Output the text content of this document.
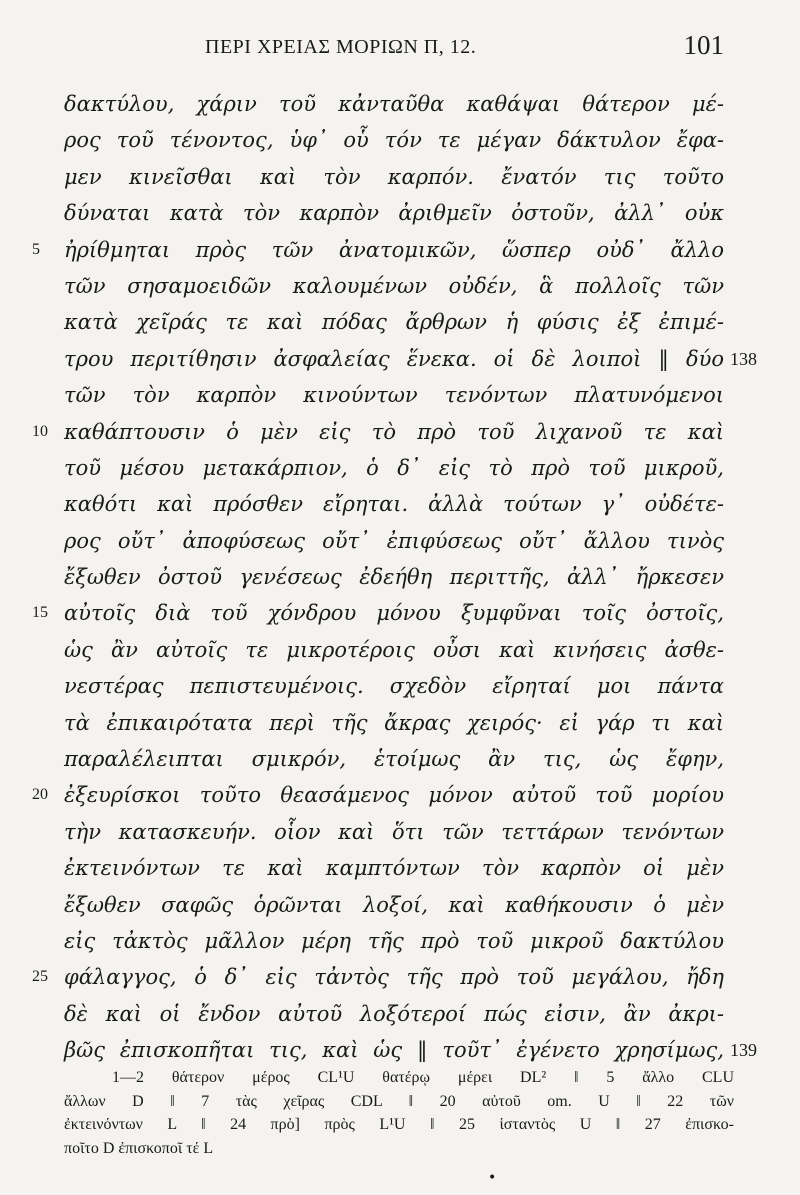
ΠΕΡΙ ΧΡΕΙΑΣ ΜΟΡΙΩΝ Π, 12.	101
δακτύλου, χάριν τοῦ κἀνταῦθα καθάψαι θάτερον μέ-
ρος τοῦ τένοντος, ὑφ᾿ οὗ τόν τε μέγαν δάκτυλον ἔφα-
μεν κινεῖσθαι καὶ τὸν καρπόν. ἔνατόν τις τοῦτο
δύναται κατὰ τὸν καρπὸν ἀριθμεῖν ὀστοῦν, ἀλλ᾿ οὐκ
5	ἠρίθμηται πρὸς τῶν ἀνατομικῶν, ὥσπερ οὐδ᾿ ἄλλο
τῶν σησαμοειδῶν καλουμένων οὐδέν, ἃ πολλοῖς τῶν
κατὰ χεῖράς τε καὶ πόδας ἄρθρων ἡ φύσις ἐξ ἐπιμέ-
τρου περιτίθησιν ἀσφαλείας ἕνεκα. οἱ δὲ λοιποὶ ‖ δύο 138
τῶν τὸν καρπὸν κινούντων τενόντων πλατυνόμενοι
10 καθάπτουσιν ὁ μὲν εἰς τὸ πρὸ τοῦ λιχανοῦ τε καὶ
τοῦ μέσου μετακάρπιον, ὁ δ᾿ εἰς τὸ πρὸ τοῦ μικροῦ,
καθότι καὶ πρόσθεν εἴρηται. ἀλλὰ τούτων γ᾿ οὐδέτε-
ρος οὔτ᾿ ἀποφύσεως οὔτ᾿ ἐπιφύσεως οὔτ᾿ ἄλλου τινὸς
ἔξωθεν ὀστοῦ γενέσεως ἐδεήθη περιττῆς, ἀλλ᾿ ἤρκεσεν
15 αὐτοῖς διὰ τοῦ χόνδρου μόνου ξυμφῦναι τοῖς ὀστοῖς,
ὡς ἂν αὐτοῖς τε μικροτέροις οὖσι καὶ κινήσεις ἀσθε-
νεστέρας πεπιστευμένοις. σχεδὸν εἴρηταί μοι πάντα
τὰ ἐπικαιρότατα περὶ τῆς ἄκρας χειρός· εἰ γάρ τι καὶ
παραλέλειπται σμικρόν, ἑτοίμως ἂν τις, ὡς ἔφην,
20 ἐξευρίσκοι τοῦτο θεασάμενος μόνον αὐτοῦ τοῦ μορίου
τὴν κατασκευήν. οἷον καὶ ὅτι τῶν τεττάρων τενόντων
ἐκτεινόντων τε καὶ καμπτόντων τὸν καρπὸν οἱ μὲν
ἔξωθεν σαφῶς ὁρῶνται λοξοί, καὶ καθήκουσιν ὁ μὲν
εἰς τἀκτὸς μᾶλλον μέρη τῆς πρὸ τοῦ μικροῦ δακτύλου
25 φάλαγγος, ὁ δ᾿ εἰς τἀντὸς τῆς πρὸ τοῦ μεγάλου, ἤδη
δὲ καὶ οἱ ἔνδον αὐτοῦ λοξότεροί πώς εἰσιν, ἂν ἀκρι-
βῶς ἐπισκοπῆται τις, καὶ ὡς ‖ τοῦτ᾿ ἐγένετο χρησίμως, 139
1—2 θάτερον μέρος CL¹U θατέρῳ μέρει DL² ‖ 5 ἄλλο CLU
ἄλλων D ‖ 7 τὰς χεῖρας CDL ‖ 20 αὐτοῦ om. U ‖ 22 τῶν
ἐκτεινόντων L ‖ 24 πρὸ] πρὸς L¹U ‖ 25 ἱσταντὸς U ‖ 27 ἐπισκο-
ποῖτο D ἐπισκοποῖ τέ L
•
